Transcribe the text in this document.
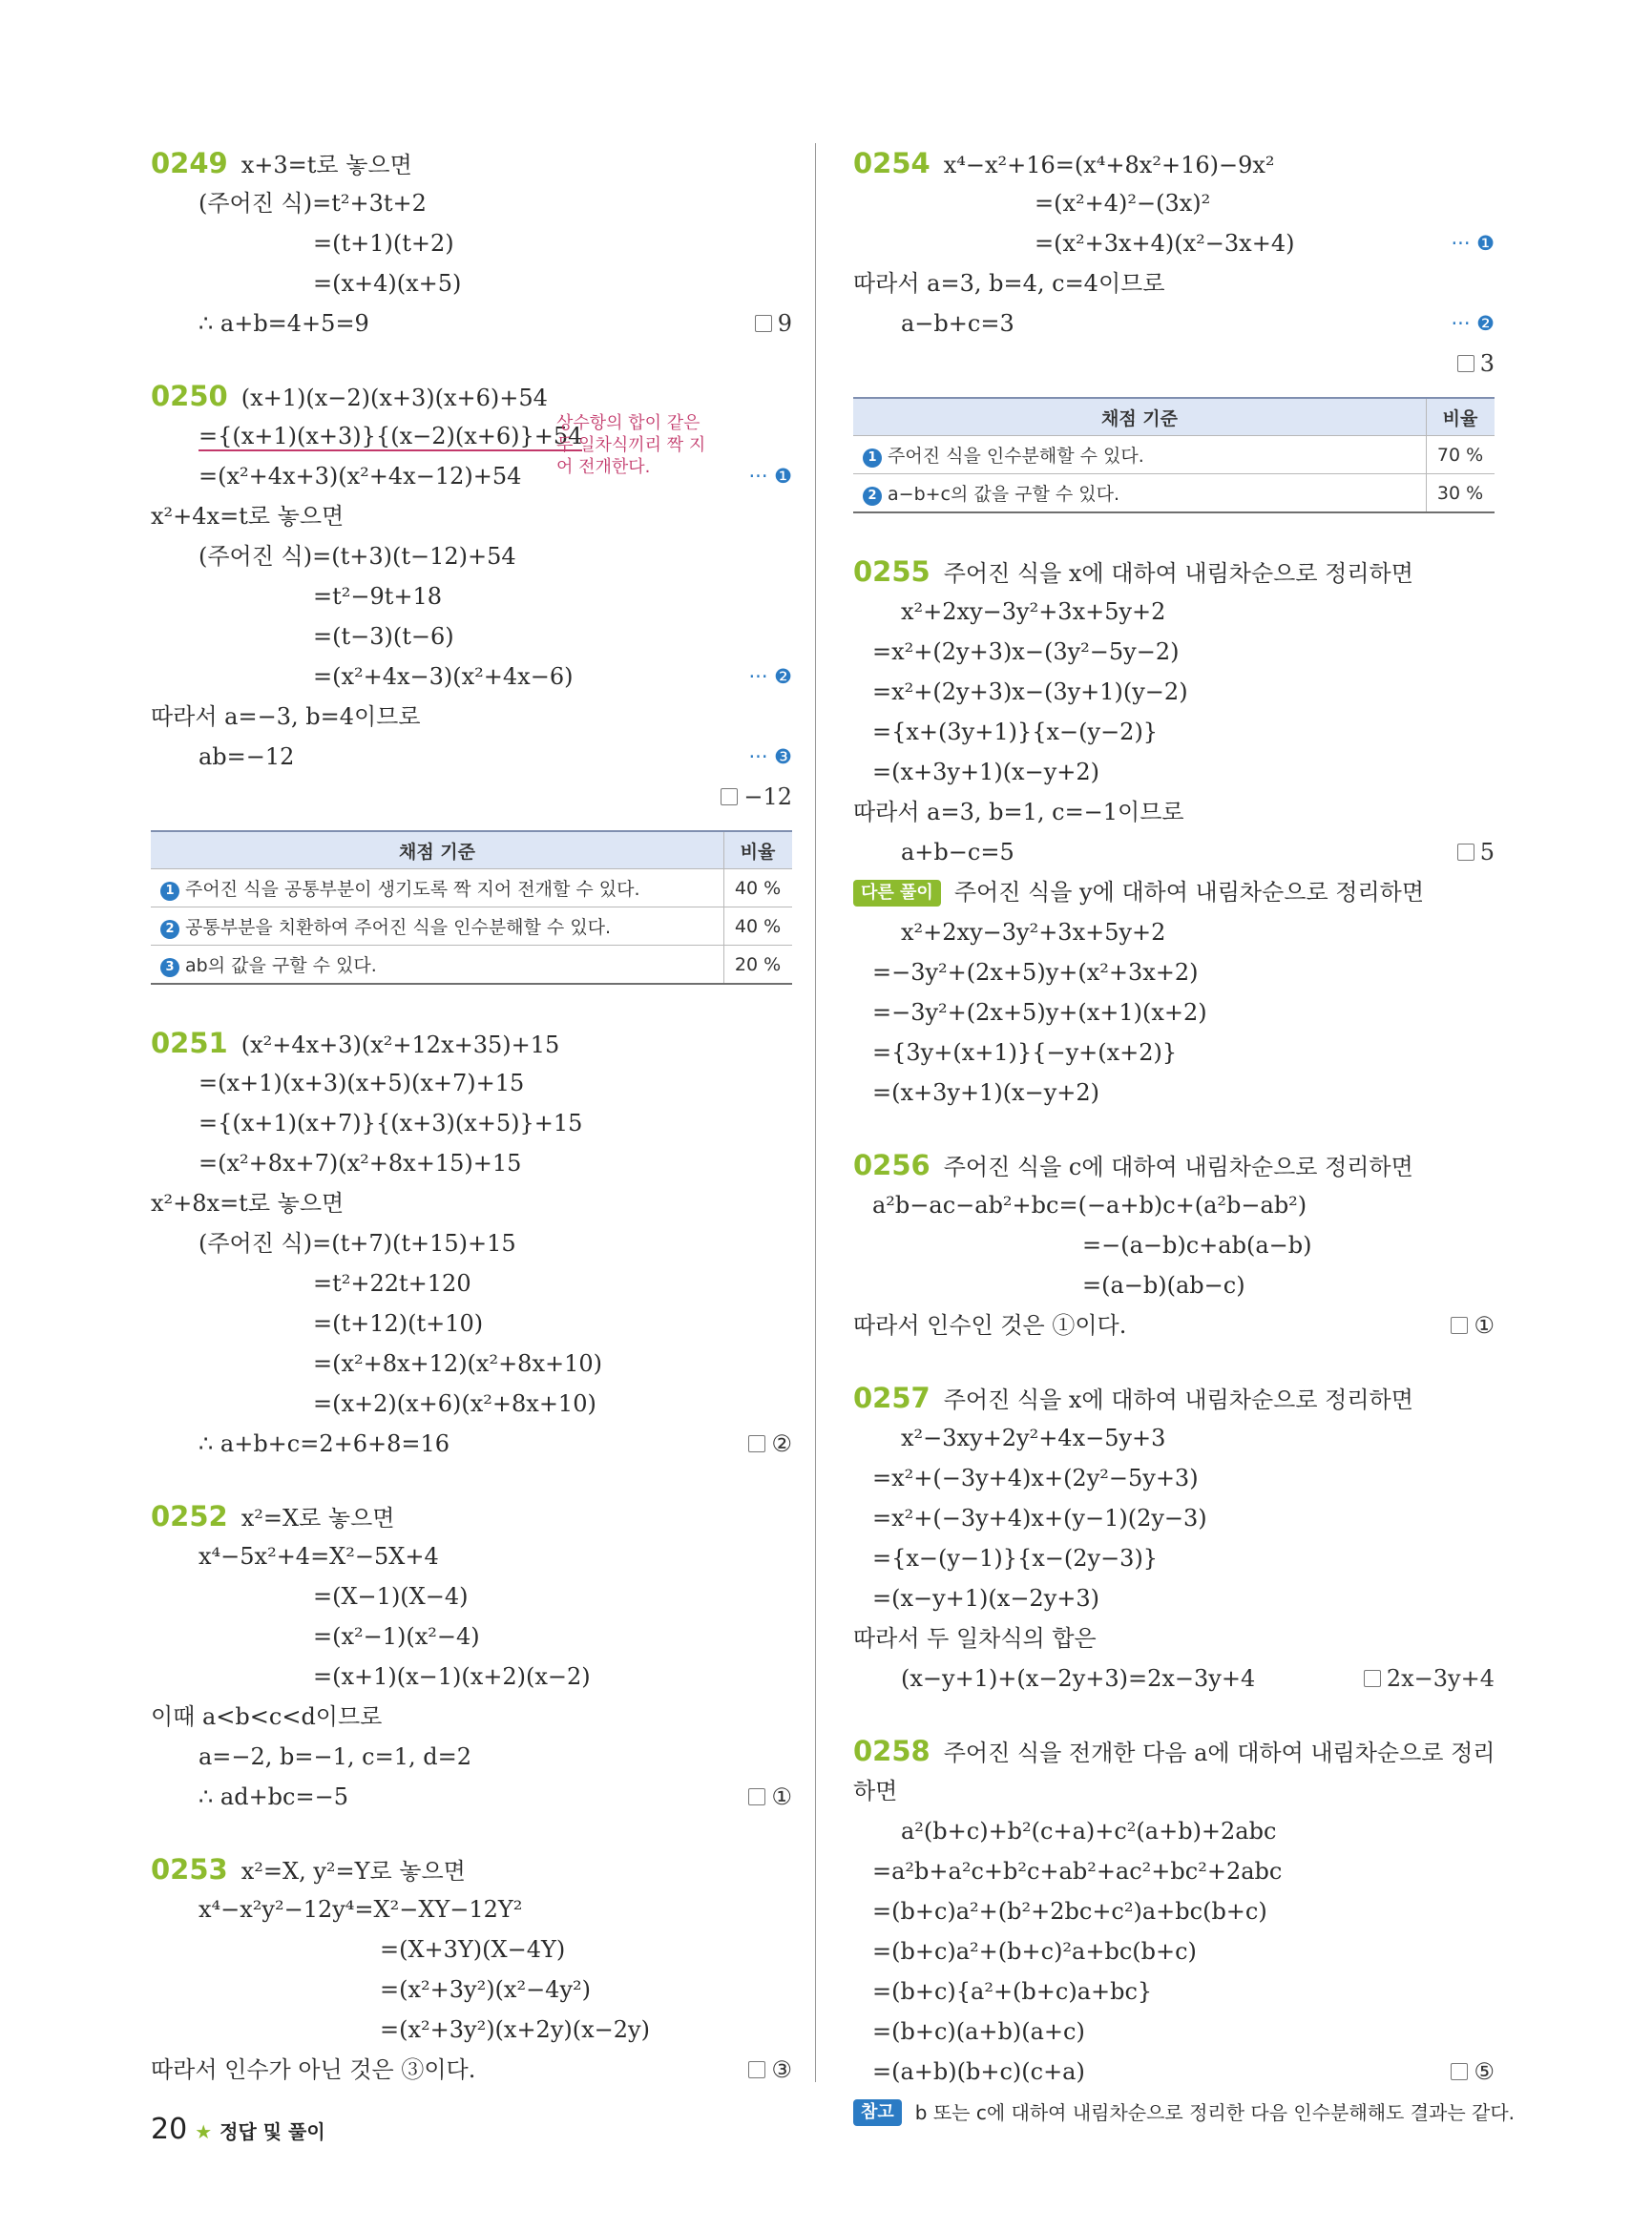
0249 x+3=t로 놓으면
(주어진 식)=t²+3t+2
=(t+1)(t+2)
=(x+4)(x+5)
∴ a+b=4+5=9	9
0250 (x+1)(x−2)(x+3)(x+6)+54
={(x+1)(x+3)}{(x−2)(x+6)}+54
상수항의 합이 같은 두 일차식끼리 짝 지어 전개한다.
=(x²+4x+3)(x²+4x−12)+54	··· ❶
x²+4x=t로 놓으면
(주어진 식)=(t+3)(t−12)+54
=t²−9t+18
=(t−3)(t−6)
=(x²+4x−3)(x²+4x−6)	··· ❷
따라서 a=−3, b=4이므로
ab=−12	··· ❸
−12
채점 기준	비율
1 주어진 식을 공통부분이 생기도록 짝 지어 전개할 수 있다.	40 %
2 공통부분을 치환하여 주어진 식을 인수분해할 수 있다.	40 %
3 ab의 값을 구할 수 있다.	20 %
0251 (x²+4x+3)(x²+12x+35)+15
=(x+1)(x+3)(x+5)(x+7)+15
={(x+1)(x+7)}{(x+3)(x+5)}+15
=(x²+8x+7)(x²+8x+15)+15
x²+8x=t로 놓으면
(주어진 식)=(t+7)(t+15)+15
=t²+22t+120
=(t+12)(t+10)
=(x²+8x+12)(x²+8x+10)
=(x+2)(x+6)(x²+8x+10)
∴ a+b+c=2+6+8=16	②
0252 x²=X로 놓으면
x⁴−5x²+4=X²−5X+4
=(X−1)(X−4)
=(x²−1)(x²−4)
=(x+1)(x−1)(x+2)(x−2)
이때 a<b<c<d이므로
a=−2, b=−1, c=1, d=2
∴ ad+bc=−5	①
0253 x²=X, y²=Y로 놓으면
x⁴−x²y²−12y⁴=X²−XY−12Y²
=(X+3Y)(X−4Y)
=(x²+3y²)(x²−4y²)
=(x²+3y²)(x+2y)(x−2y)
따라서 인수가 아닌 것은 ③이다.	③
0254 x⁴−x²+16=(x⁴+8x²+16)−9x²
=(x²+4)²−(3x)²
=(x²+3x+4)(x²−3x+4)	··· ❶
따라서 a=3, b=4, c=4이므로
a−b+c=3	··· ❷
3
채점 기준	비율
1 주어진 식을 인수분해할 수 있다.	70 %
2 a−b+c의 값을 구할 수 있다.	30 %
0255 주어진 식을 x에 대하여 내림차순으로 정리하면
x²+2xy−3y²+3x+5y+2
=x²+(2y+3)x−(3y²−5y−2)
=x²+(2y+3)x−(3y+1)(y−2)
={x+(3y+1)}{x−(y−2)}
=(x+3y+1)(x−y+2)
따라서 a=3, b=1, c=−1이므로
a+b−c=5	5
다른 풀이 주어진 식을 y에 대하여 내림차순으로 정리하면
x²+2xy−3y²+3x+5y+2
=−3y²+(2x+5)y+(x²+3x+2)
=−3y²+(2x+5)y+(x+1)(x+2)
={3y+(x+1)}{−y+(x+2)}
=(x+3y+1)(x−y+2)
0256 주어진 식을 c에 대하여 내림차순으로 정리하면
a²b−ac−ab²+bc=(−a+b)c+(a²b−ab²)
=−(a−b)c+ab(a−b)
=(a−b)(ab−c)
따라서 인수인 것은 ①이다.	①
0257 주어진 식을 x에 대하여 내림차순으로 정리하면
x²−3xy+2y²+4x−5y+3
=x²+(−3y+4)x+(2y²−5y+3)
=x²+(−3y+4)x+(y−1)(2y−3)
={x−(y−1)}{x−(2y−3)}
=(x−y+1)(x−2y+3)
따라서 두 일차식의 합은
(x−y+1)+(x−2y+3)=2x−3y+4	2x−3y+4
0258 주어진 식을 전개한 다음 a에 대하여 내림차순으로 정리
하면
a²(b+c)+b²(c+a)+c²(a+b)+2abc
=a²b+a²c+b²c+ab²+ac²+bc²+2abc
=(b+c)a²+(b²+2bc+c²)a+bc(b+c)
=(b+c)a²+(b+c)²a+bc(b+c)
=(b+c){a²+(b+c)a+bc}
=(b+c)(a+b)(a+c)
=(a+b)(b+c)(c+a)	⑤
참고 b 또는 c에 대하여 내림차순으로 정리한 다음 인수분해해도 결과는 같다.
20 ★ 정답 및 풀이
